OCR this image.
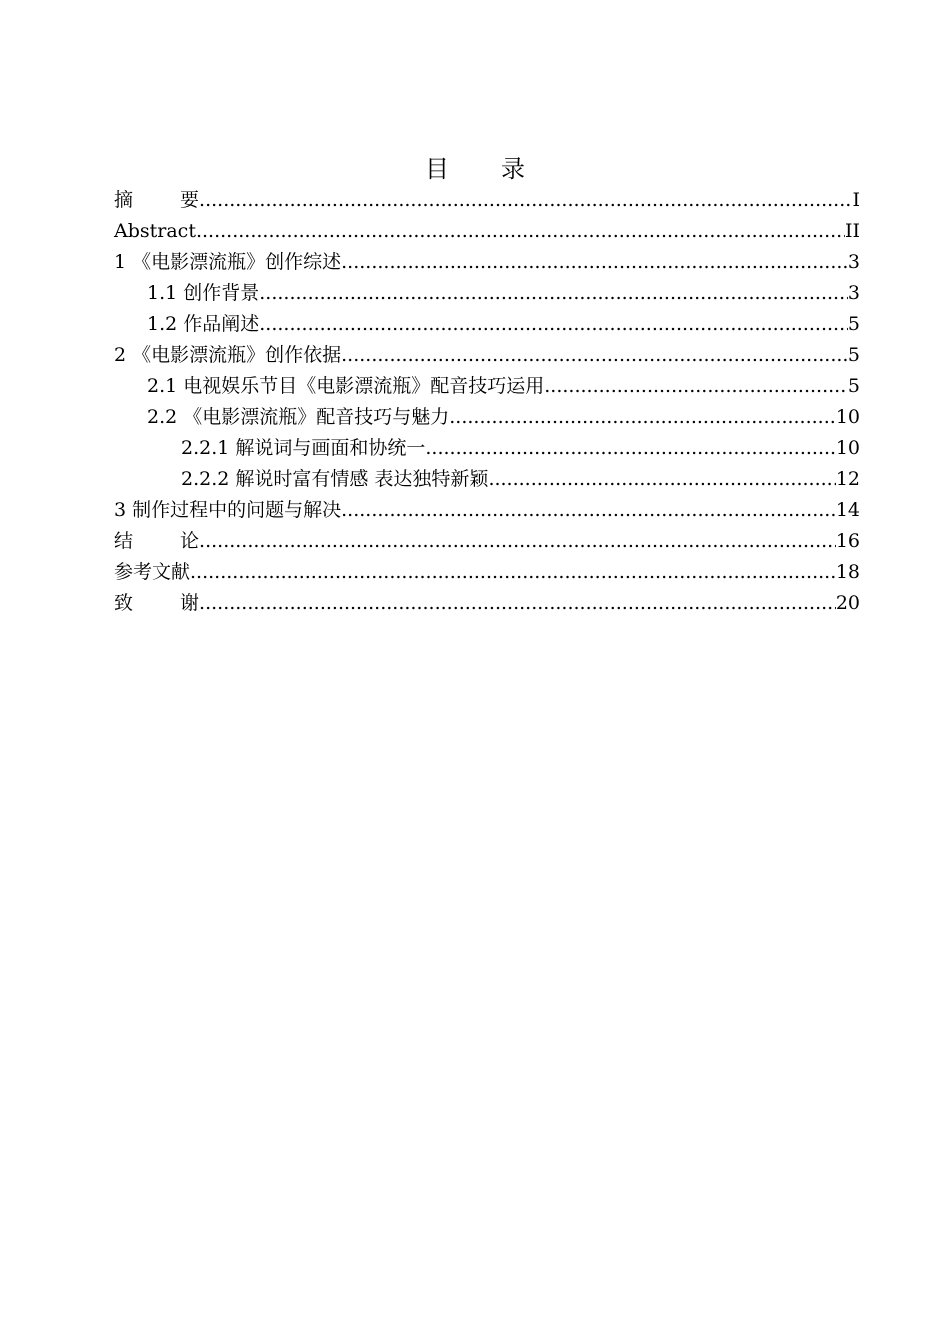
目 录
摘 要 .....	I
Abstract .....	II
1 《电影漂流瓶》创作综述 .....	3
1.1 创作背景 .....	3
1.2 作品阐述 .....	5
2 《电影漂流瓶》创作依据 .....	5
2.1 电视娱乐节目《电影漂流瓶》配音技巧运用 .....	5
2.2 《电影漂流瓶》配音技巧与魅力 .....	10
2.2.1 解说词与画面和协统一 .....	10
2.2.2 解说时富有情感 表达独特新颖 .....	12
3 制作过程中的问题与解决 .....	14
结 论 .....	16
参考文献 .....	18
致 谢 .....	20
